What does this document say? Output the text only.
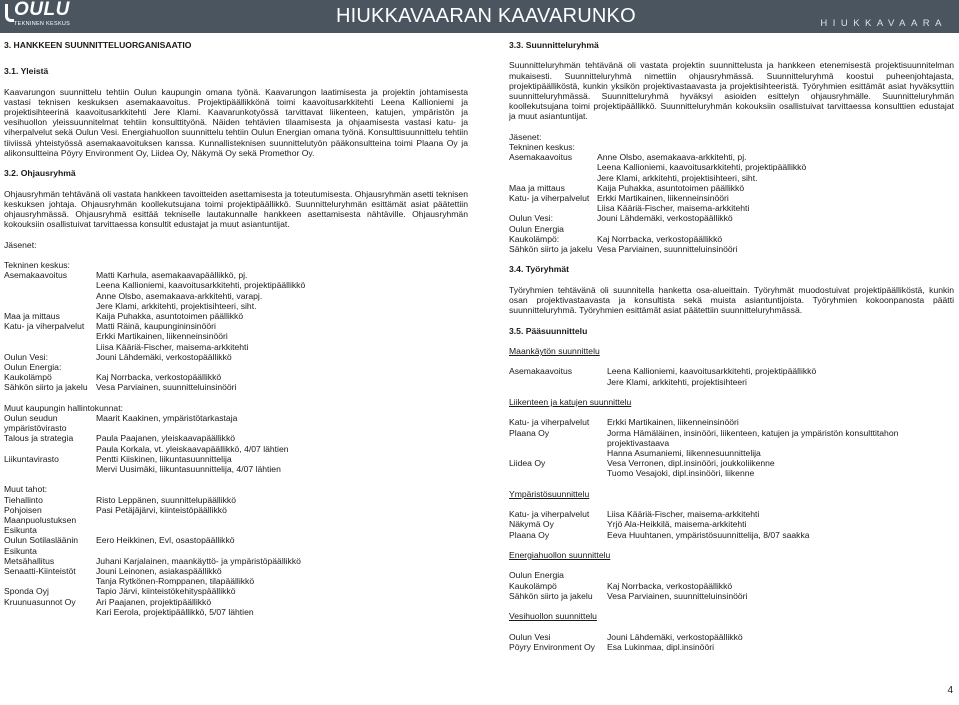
OULU
TEKNINEN KESKUS	HIUKKAVAARAN KAAVARUNKO	HIUKKAVAARA
3. HANKKEEN SUUNNITTELUORGANISAATIO
3.1. Yleistä
Kaavarungon suunnittelu tehtiin Oulun kaupungin omana työnä. Kaavarungon laatimisesta ja projektin johtamisesta vastasi teknisen keskuksen asemakaavoitus. Projektipäällikkönä toimi kaavoitusarkkitehti Leena Kallioniemi ja projektisihteerinä kaavoitusarkkitehti Jere Klami. Kaavarunkotyössä tarvittavat liikenteen, katujen, ympäristön ja vesihuollon yleissuunnitelmat tehtiin konsulttityönä. Näiden tehtävien tilaamisesta ja ohjaamisesta vastasi katu- ja viherpalvelut sekä Oulun Vesi. Energiahuollon suunnittelu tehtiin Oulun Energian omana työnä. Konsulttisuunnittelu tehtiin tiiviissä yhteistyössä asemakaavoituksen kanssa. Kunnallisteknisen suunnittelutyön pääkonsultteina toimi Plaana Oy ja alikonsultteina Pöyry Environment Oy, Liidea Oy, Näkymä Oy sekä Promethor Oy.
3.2. Ohjausryhmä
Ohjausryhmän tehtävänä oli vastata hankkeen tavoitteiden asettamisesta ja toteutumisesta. Ohjausryhmän asetti teknisen keskuksen johtaja. Ohjausryhmän koollekutsujana toimi projektipäällikkö. Suunnitteluryhmän esittämät asiat päätettiin ohjausryhmässä. Ohjausryhmä esittää tekniselle lautakunnalle hankkeen asettamisesta nähtäville. Ohjausryhmän kokouksiin osallistuivat tarvittaessa konsultit edustajat ja muut asiantuntijat.
Jäsenet:
Tekninen keskus:
Asemakaavoitus	Matti Karhula, asemakaavapäällikkö, pj.
Leena Kallioniemi, kaavoitusarkkitehti, projektipäällikkö
Anne Olsbo, asemakaava-arkkitehti, varapj.
Jere Klami, arkkitehti, projektisihteeri, siht.
Maa ja mittaus	Kaija Puhakka, asuntotoimen päällikkö
Katu- ja viherpalvelut	Matti Räinä, kaupungininsinööri
Erkki Martikainen, liikenneinsinööri
Liisa Kääriä-Fischer, maisema-arkkitehti
Oulun Vesi:	Jouni Lähdemäki, verkostopäällikkö
Oulun Energia:
Kaukolämpö	Kaj Norrbacka, verkostopäällikkö
Sähkön siirto ja jakelu Vesa Parviainen, suunnitteluinsinööri
Muut kaupungin hallintokunnat:
Oulun seudun	Maarit Kaakinen, ympäristötarkastaja
ympäristövirasto
Talous ja strategia	Paula Paajanen, yleiskaavapäällikkö
Paula Korkala, vt. yleiskaavapäällikkö, 4/07 lähtien
Liikuntavirasto	Pentti Kiiskinen, liikuntasuunnittelija
Mervi Uusimäki, liikuntasuunnittelija, 4/07 lähtien
Muut tahot:
Tiehallinto	Risto Leppänen, suunnittelupäällikkö
Pohjoisen	Pasi Petäjäjärvi, kiinteistöpäällikkö
Maanpuolustuksen
Esikunta
Oulun Sotilasläänin	Eero Heikkinen, Evl, osastopäällikkö
Esikunta
Metsähallitus	Juhani Karjalainen, maankäyttö- ja ympäristöpäällikkö
Senaatti-Kiinteistöt	Jouni Leinonen, asiakaspäällikkö
Tanja Rytkönen-Romppanen, tilapäällikkö
Sponda Oyj	Tapio Järvi, kiinteistökehityspäällikkö
Kruunuasunnot Oy	Ari Paajanen, projektipäällikkö
Kari Eerola, projektipäällikkö, 5/07 lähtien
3.3. Suunnitteluryhmä
Suunnitteluryhmän tehtävänä oli vastata projektin suunnittelusta ja hankkeen etenemisestä projektisuunnitelman mukaisesti. Suunnitteluryhmä nimettiin ohjausryhmässä. Suunnitteluryhmä koostui puheenjohtajasta, projektipäälliköstä, kunkin yksikön projektivastaavasta ja projektisihteeristä. Työryhmien esittämät asiat hyväksyttiin suunnitteluryhmässä. Suunnitteluryhmä hyväksyi asioiden esittelyn ohjausryhmälle. Suunnitteluryhmän koollekutsujana toimi projektipäällikkö. Suunnitteluryhmän kokouksiin osallistuivat tarvittaessa konsulttien edustajat ja muut asiantuntijat.
Jäsenet:
Tekninen keskus:
Asemakaavoitus	Anne Olsbo, asemakaava-arkkitehti, pj.
Leena Kallioniemi, kaavoitusarkkitehti, projektipäällikkö
Jere Klami, arkkitehti, projektisihteeri, siht.
Maa ja mittaus	Kaija Puhakka, asuntotoimen päällikkö
Katu- ja viherpalvelut Erkki Martikainen, liikenneinsinööri
Liisa Kääriä-Fischer, maisema-arkkitehti
Oulun Vesi:	Jouni Lähdemäki, verkostopäällikkö
Oulun Energia
Kaukolämpö:	Kaj Norrbacka, verkostopäällikkö
Sähkön siirto ja jakelu Vesa Parviainen, suunnitteluinsinööri
3.4. Työryhmät
Työryhmien tehtävänä oli suunnitella hanketta osa-alueittain. Työryhmät muodostuivat projektipäälliköstä, kunkin osan projektivastaavasta ja konsultista sekä muista asiantuntijoista. Työryhmien kokoonpanosta päätti suunnitteluryhmä. Työryhmien esittämät asiat päätettiin suunnitteluryhmässä.
3.5. Pääsuunnittelu
Maankäytön suunnittelu
Asemakaavoitus	Leena Kallioniemi, kaavoitusarkkitehti, projektipäällikkö
Jere Klami, arkkitehti, projektisihteeri
Liikenteen ja katujen suunnittelu
Katu- ja viherpalvelut	Erkki Martikainen, liikenneinsinööri
Plaana Oy	Jorma Hämäläinen, insinööri, liikenteen, katujen ja ympäristön konsulttitahon
projektivastaava
Hanna Asumaniemi, liikennesuunnittelija
Liidea Oy	Vesa Verronen, dipl.insinööri, joukkoliikenne
Tuomo Vesajoki, dipl.insinööri, liikenne
Ympäristösuunnittelu
Katu- ja viherpalvelut	Liisa Kääriä-Fischer, maisema-arkkitehti
Näkymä Oy	Yrjö Ala-Heikkilä, maisema-arkkitehti
Plaana Oy	Eeva Huuhtanen, ympäristösuunnittelija, 8/07 saakka
Energiahuollon suunnittelu
Oulun Energia
Kaukolämpö	Kaj Norrbacka, verkostopäällikkö
Sähkön siirto ja jakelu	Vesa Parviainen, suunnitteluinsinööri
Vesihuollon suunnittelu
Oulun Vesi	Jouni Lähdemäki, verkostopäällikkö
Pöyry Environment Oy	Esa Lukinmaa, dipl.insinööri
4
